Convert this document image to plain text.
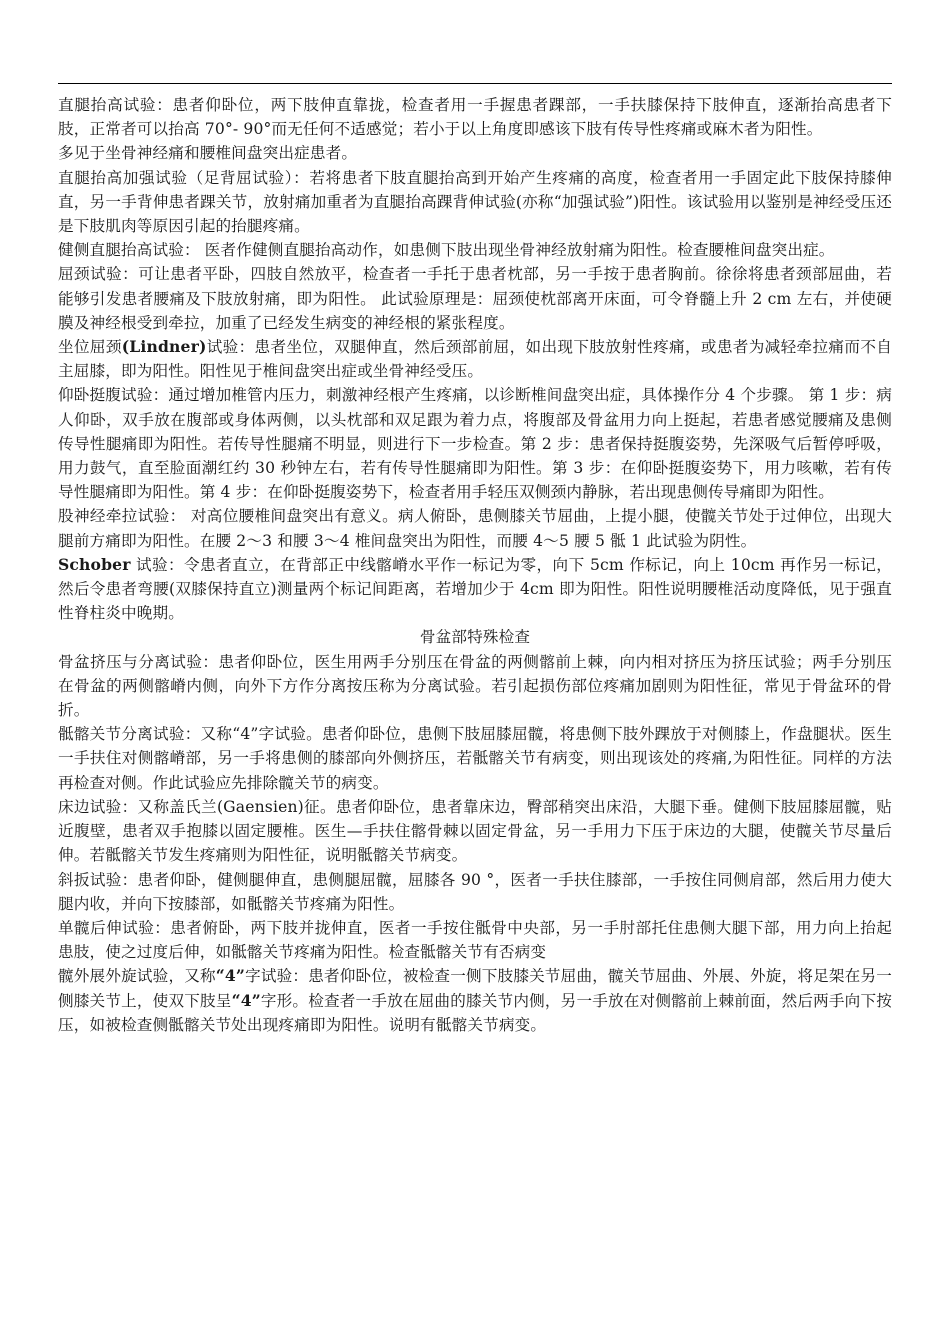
直腿抬高试验：患者仰卧位，两下肢伸直靠拢，检查者用一手握患者踝部，一手扶膝保持下肢伸直，逐渐抬高患者下肢，正常者可以抬高 70°- 90°而无任何不适感觉；若小于以上角度即感该下肢有传导性疼痛或麻木者为阳性。

多见于坐骨神经痛和腰椎间盘突出症患者。

直腿抬高加强试验（足背屈试验）：若将患者下肢直腿抬高到开始产生疼痛的高度，检查者用一手固定此下肢保持膝伸直，另一手背伸患者踝关节，放射痛加重者为直腿抬高踝背伸试验(亦称“加强试验”)阳性。该试验用以鉴别是神经受压还是下肢肌肉等原因引起的抬腿疼痛。

健侧直腿抬高试验： 医者作健侧直腿抬高动作，如患侧下肢出现坐骨神经放射痛为阳性。检查腰椎间盘突出症。

屈颈试验：可让患者平卧，四肢自然放平，检查者一手托于患者枕部，另一手按于患者胸前。徐徐将患者颈部屈曲，若能够引发患者腰痛及下肢放射痛，即为阳性。 此试验原理是：屈颈使枕部离开床面，可令脊髓上升 2 cm 左右，并使硬膜及神经根受到牵拉，加重了已经发生病变的神经根的紧张程度。

坐位屈颈(Lindner)试验：患者坐位，双腿伸直，然后颈部前屈，如出现下肢放射性疼痛，或患者为减轻牵拉痛而不自主屈膝，即为阳性。阳性见于椎间盘突出症或坐骨神经受压。

仰卧挺腹试验：通过增加椎管内压力，刺激神经根产生疼痛，以诊断椎间盘突出症，具体操作分 4 个步骤。 第 1 步：病人仰卧，双手放在腹部或身体两侧，以头枕部和双足跟为着力点，将腹部及骨盆用力向上挺起，若患者感觉腰痛及患侧传导性腿痛即为阳性。若传导性腿痛不明显，则进行下一步检查。第 2 步：患者保持挺腹姿势，先深吸气后暂停呼吸，用力鼓气，直至脸面潮红约 30 秒钟左右，若有传导性腿痛即为阳性。第 3 步：在仰卧挺腹姿势下，用力咳嗽，若有传导性腿痛即为阳性。第 4 步：在仰卧挺腹姿势下，检查者用手轻压双侧颈内静脉，若出现患侧传导痛即为阳性。

股神经牵拉试验： 对高位腰椎间盘突出有意义。病人俯卧，患侧膝关节屈曲，上提小腿，使髋关节处于过伸位，出现大腿前方痛即为阳性。在腰 2～3 和腰 3～4 椎间盘突出为阳性，而腰 4～5 腰 5 骶 1 此试验为阴性。

Schober 试验：令患者直立，在背部正中线髂嵴水平作一标记为零，向下 5cm 作标记，向上 10cm 再作另一标记，然后令患者弯腰(双膝保持直立)测量两个标记间距离，若增加少于 4cm 即为阳性。阳性说明腰椎活动度降低，见于强直性脊柱炎中晚期。

骨盆部特殊检查

骨盆挤压与分离试验：患者仰卧位，医生用两手分别压在骨盆的两侧髂前上棘，向内相对挤压为挤压试验；两手分别压在骨盆的两侧髂嵴内侧，向外下方作分离按压称为分离试验。若引起损伤部位疼痛加剧则为阳性征，常见于骨盆环的骨折。

骶髂关节分离试验：又称“4”字试验。患者仰卧位，患侧下肢屈膝屈髋，将患侧下肢外踝放于对侧膝上，作盘腿状。医生一手扶住对侧髂嵴部，另一手将患侧的膝部向外侧挤压，若骶髂关节有病变，则出现该处的疼痛,为阳性征。同样的方法再检查对侧。作此试验应先排除髋关节的病变。

床边试验：又称盖氏兰(Gaensien)征。患者仰卧位，患者靠床边，臀部稍突出床沿，大腿下垂。健侧下肢屈膝屈髋，贴近腹壁，患者双手抱膝以固定腰椎。医生—手扶住髂骨棘以固定骨盆，另一手用力下压于床边的大腿，使髋关节尽量后伸。若骶髂关节发生疼痛则为阳性征，说明骶髂关节病变。

斜扳试验：患者仰卧，健侧腿伸直，患侧腿屈髋，屈膝各 90 °，医者一手扶住膝部，一手按住同侧肩部，然后用力使大腿内收，并向下按膝部，如骶髂关节疼痛为阳性。

单髋后伸试验：患者俯卧，两下肢并拢伸直，医者一手按住骶骨中央部，另一手肘部托住患侧大腿下部，用力向上抬起患肢，使之过度后伸，如骶髂关节疼痛为阳性。检查骶髂关节有否病变

髋外展外旋试验，又称“4”字试验：患者仰卧位，被检查一侧下肢膝关节屈曲，髋关节屈曲、外展、外旋，将足架在另一侧膝关节上，使双下肢呈“4”字形。检查者一手放在屈曲的膝关节内侧，另一手放在对侧髂前上棘前面，然后两手向下按压，如被检查侧骶髂关节处出现疼痛即为阳性。说明有骶髂关节病变。
